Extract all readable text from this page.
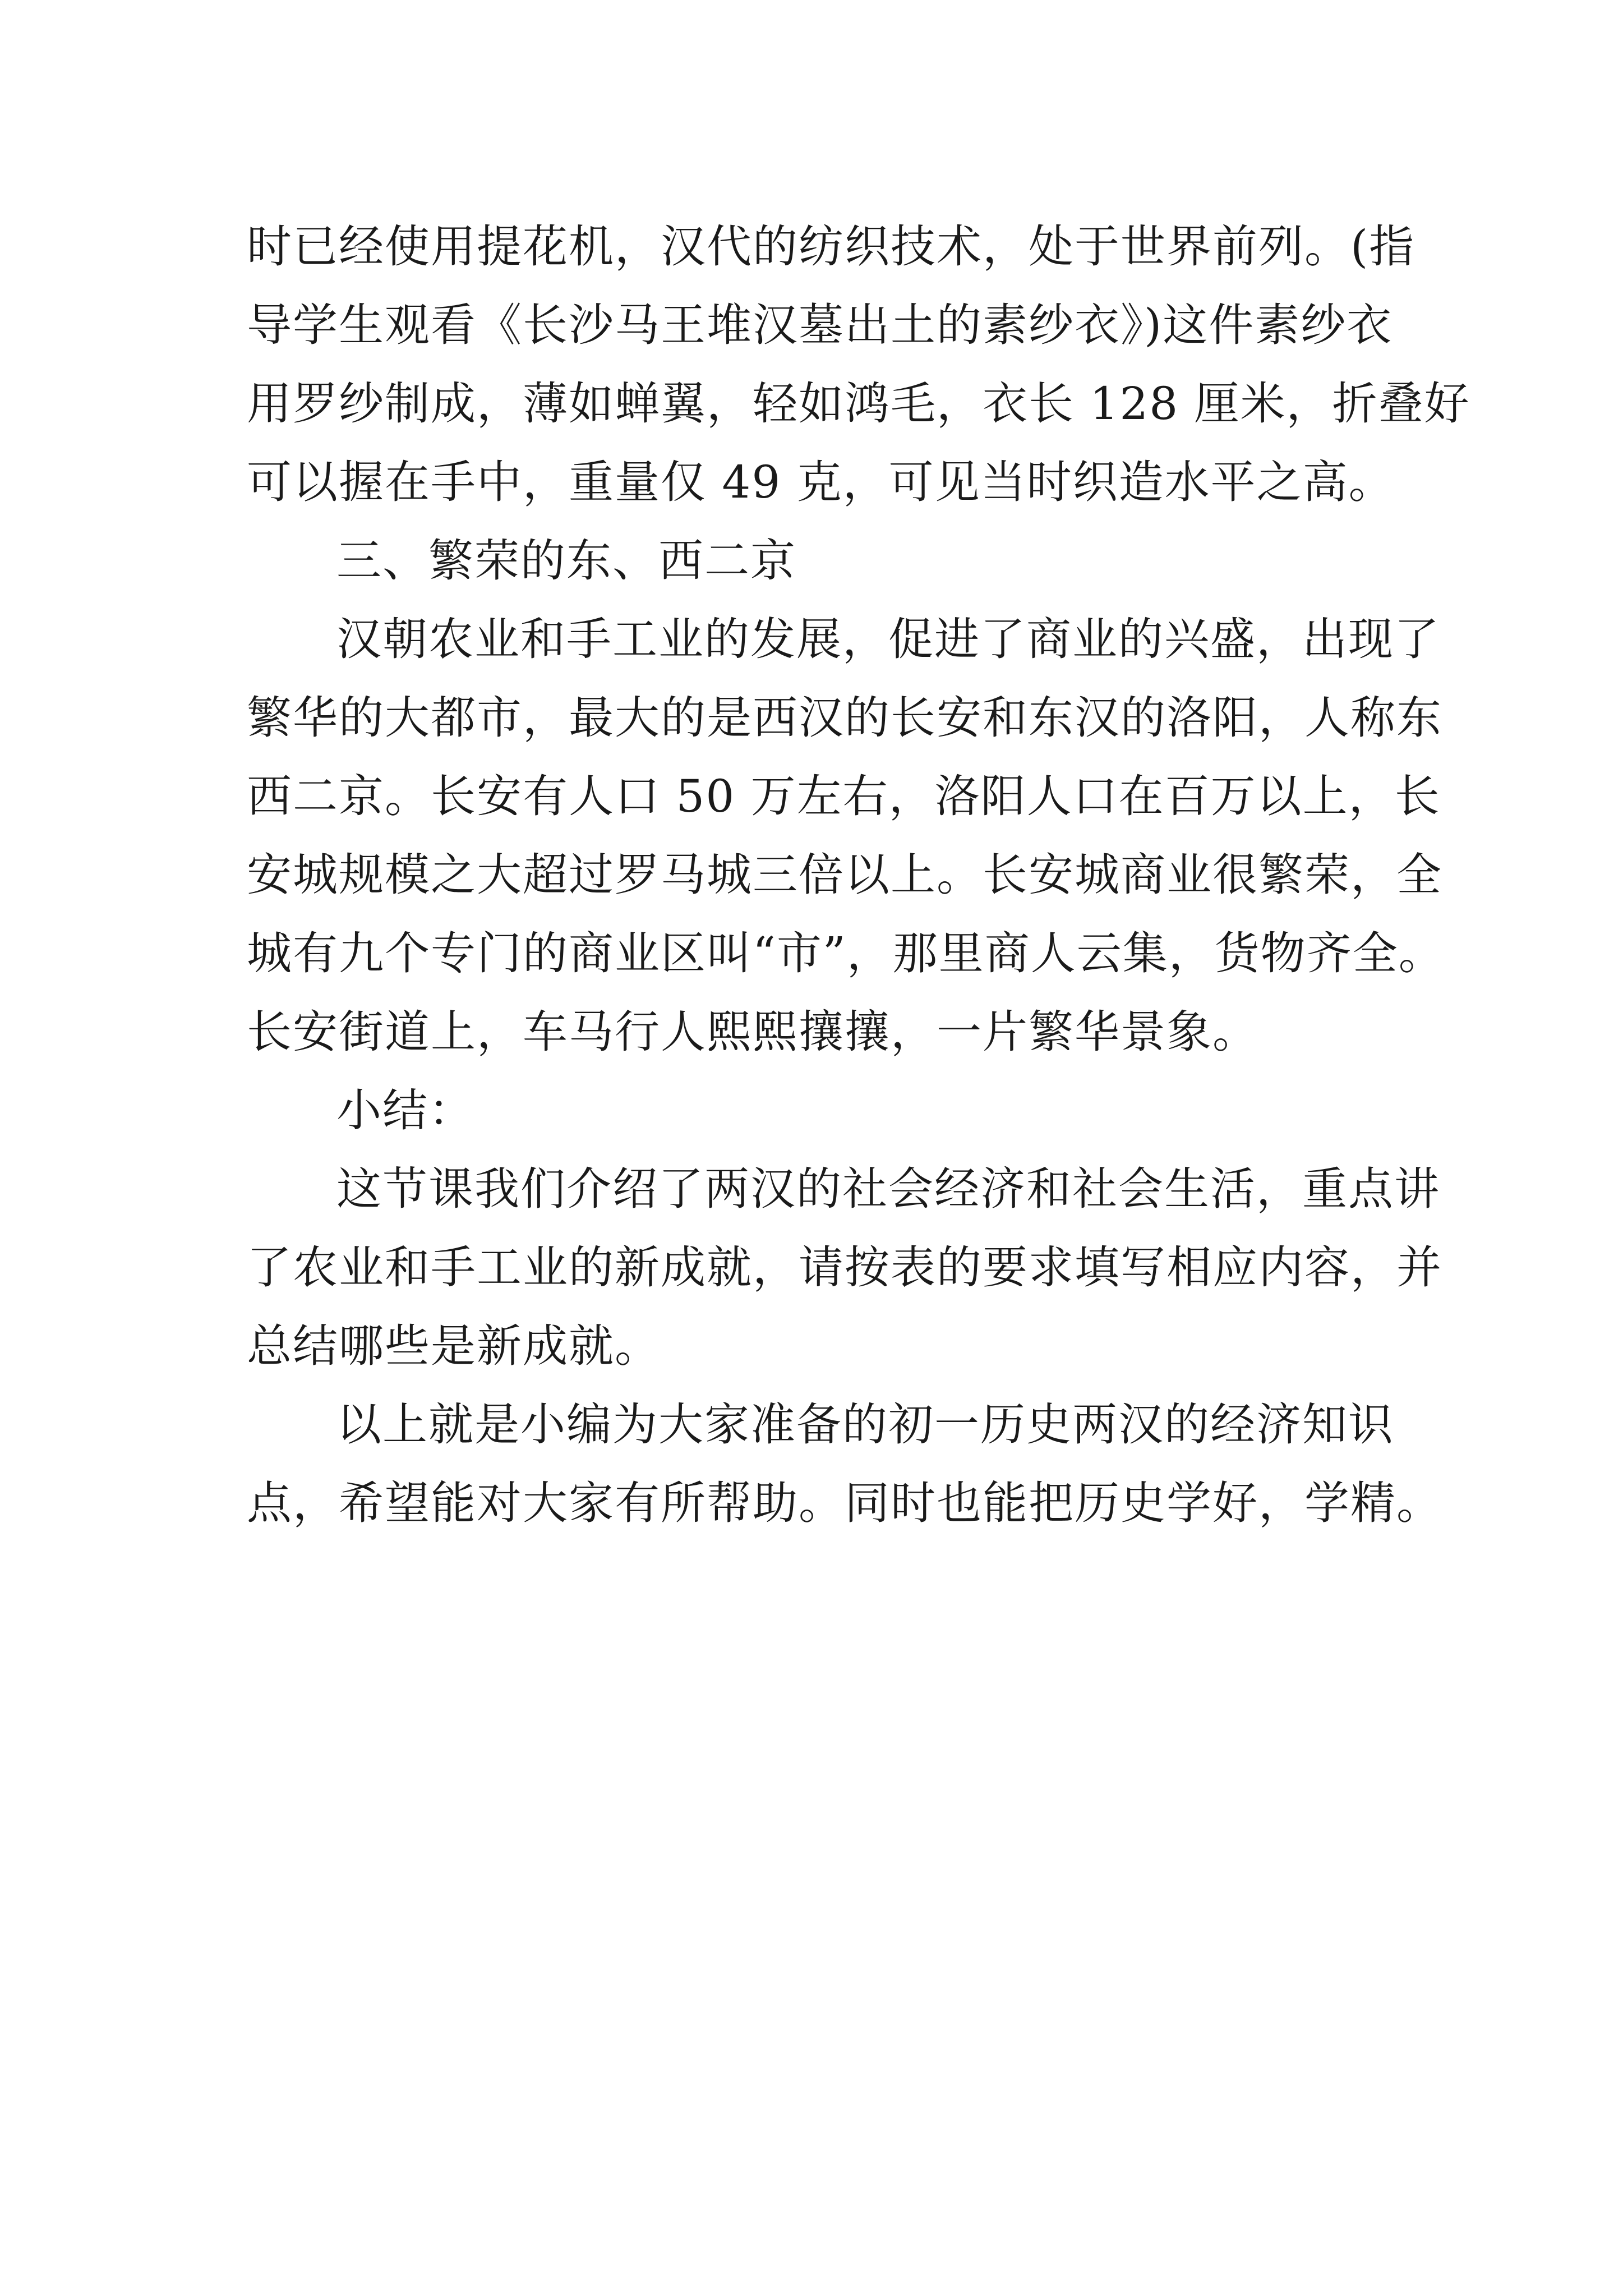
时已经使用提花机，汉代的纺织技术，处于世界前列。(指
导学生观看《长沙马王堆汉墓出土的素纱衣》)这件素纱衣
用罗纱制成，薄如蝉翼，轻如鸿毛，衣长 128 厘米，折叠好
可以握在手中，重量仅 49 克，可见当时织造水平之高。
三、繁荣的东、西二京
汉朝农业和手工业的发展，促进了商业的兴盛，出现了
繁华的大都市，最大的是西汉的长安和东汉的洛阳，人称东
西二京。长安有人口 50 万左右，洛阳人口在百万以上，长
安城规模之大超过罗马城三倍以上。长安城商业很繁荣，全
城有九个专门的商业区叫“市”，那里商人云集，货物齐全。
长安街道上，车马行人熙熙攘攘，一片繁华景象。
小结：
这节课我们介绍了两汉的社会经济和社会生活，重点讲
了农业和手工业的新成就，请按表的要求填写相应内容，并
总结哪些是新成就。
以上就是小编为大家准备的初一历史两汉的经济知识
点，希望能对大家有所帮助。同时也能把历史学好，学精。
